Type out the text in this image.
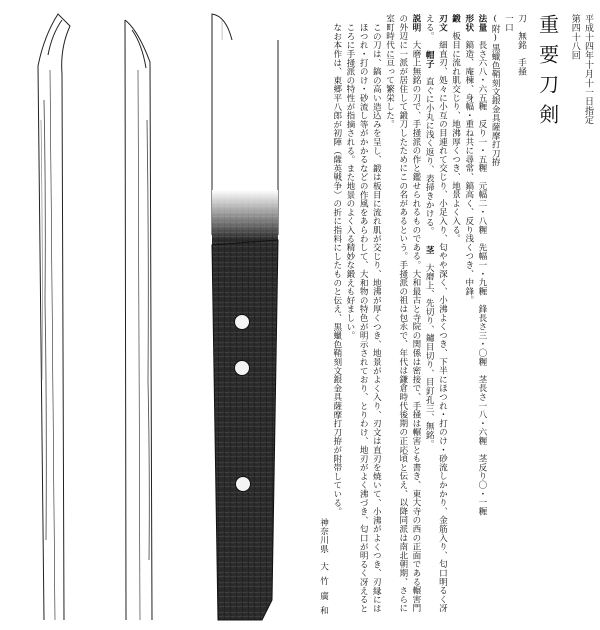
平成十四年十月十一日指定
第四十八回
重要刀剣
刀　無銘　手掻
一口
(附)黒蠟色鞘刻文銀金具薩摩打刀拵
法量　長さ六八・六五糎　反り一・五糎　元幅二・八糎　先幅一・九糎　鋒長さ三・〇糎　茎長さ一八・六糎　茎反り〇・一糎
形状　鎬造、庵棟、身幅・重ね共に尋常、鎬高く、反り浅くつき、中鋒。
鍛　板目に流れ肌交じり、地沸厚くつき、地景よく入る。
刃文　細直刃、処々に小互の目連れて交じり、小足入り、匂やや深く、小沸よくつき、下半にほつれ・打のけ・砂流しかかり、金筋入り、匂口明るく冴える。 帽子　直ぐに小丸に浅く返り、表掃きかける。 茎　大磨上、先切り、鑢目切り、目釘孔三、無銘。
説明　大磨上無銘の刀で、手掻派の作と鑑せられるものである。大和最古と寺院の関係は密接で、手掻は輾害とも書き、東大寺の西の正面である輾害門の外辺に一派が居住して鍛刀したためにこの名があるという。手掻派の祖は包永で、年代は鎌倉時代後期の正応頃と伝え、以降同派は南北朝期、さらに室町時代に亘って繁栄した。
この刀は、鎬の高い造込みを呈し、鍛は板目に流れ肌が交じり、地沸が厚くつき、地景がよく入り、刃文は直刃を焼いて、小沸がよくつき、刃縁にはほつれ・打のけ・砂流し等がかかるなどの作風をあらわして、大和物の特色が明示されており、とりわけ、地刃がよく沸づき、匂口が明るく冴えるところに手掻派の特性が指摘される。また地景のよく入る精妙な鍛えも好ましい。
なお本作は、東郷平八郎が初陣（薩英戦争）の折に指料にしたものと伝え、黒蠟色鞘刻文銀金具薩摩打刀拵が附帯している。
神奈川県　大竹廣和
